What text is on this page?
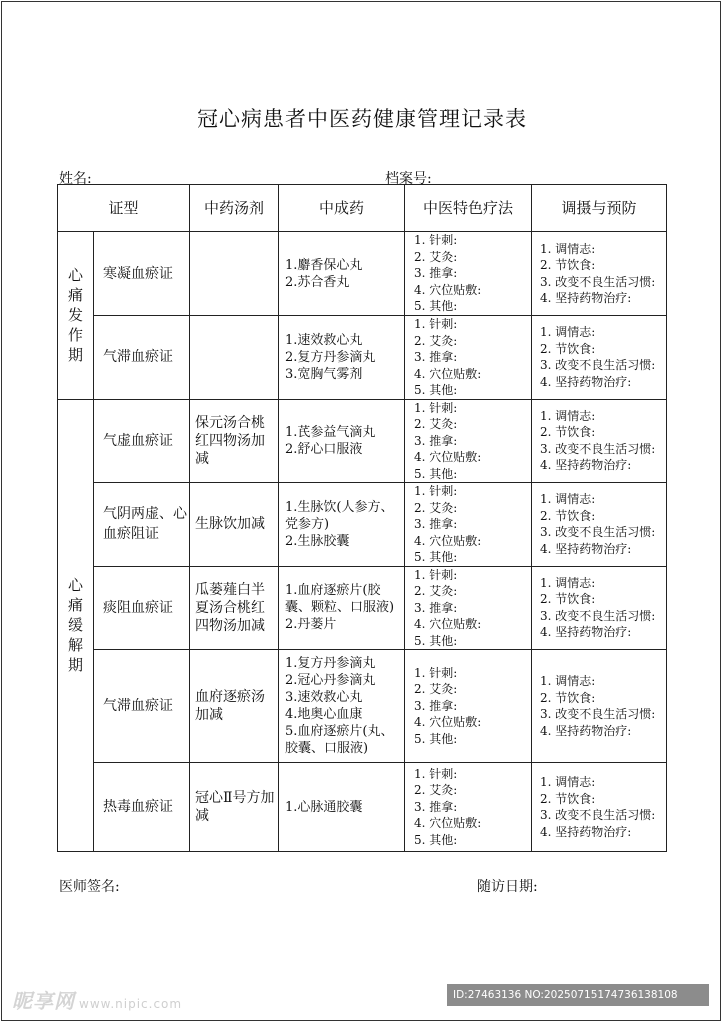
冠心病患者中医药健康管理记录表
姓名:	档案号:
证型		中药汤剂	中成药	中医特色疗法	调摄与预防
心痛发作期	寒凝血瘀证		1.麝香保心丸
2.苏合香丸	1. 针刺:
2. 艾灸:
3. 推拿:
4. 穴位贴敷:
5. 其他:	1. 调情志:
2. 节饮食:
3. 改变不良生活习惯:
4. 坚持药物治疗:

	气滞血瘀证		1.速效救心丸
2.复方丹参滴丸
3.宽胸气雾剂	1. 针刺:
2. 艾灸:
3. 推拿:
4. 穴位贴敷:
5. 其他:	1. 调情志:
2. 节饮食:
3. 改变不良生活习惯:
4. 坚持药物治疗:

心痛缓解期	气虚血瘀证	保元汤合桃红四物汤加减	1.芪参益气滴丸
2.舒心口服液	1. 针刺:
2. 艾灸:
3. 推拿:
4. 穴位贴敷:
5. 其他:	1. 调情志:
2. 节饮食:
3. 改变不良生活习惯:
4. 坚持药物治疗:

	气阴两虚、心血瘀阻证	生脉饮加减	1.生脉饮(人参方、党参方)
2.生脉胶囊	1. 针刺:
2. 艾灸:
3. 推拿:
4. 穴位贴敷:
5. 其他:	1. 调情志:
2. 节饮食:
3. 改变不良生活习惯:
4. 坚持药物治疗:

	痰阻血瘀证	瓜蒌薤白半夏汤合桃红四物汤加减	1.血府逐瘀片(胶囊、颗粒、口服液)
2.丹蒌片	1. 针刺:
2. 艾灸:
3. 推拿:
4. 穴位贴敷:
5. 其他:	1. 调情志:
2. 节饮食:
3. 改变不良生活习惯:
4. 坚持药物治疗:

	气滞血瘀证	血府逐瘀汤加减	1.复方丹参滴丸
2.冠心丹参滴丸
3.速效救心丸
4.地奥心血康
5.血府逐瘀片(丸、胶囊、口服液)	1. 针刺:
2. 艾灸:
3. 推拿:
4. 穴位贴敷:
5. 其他:	1. 调情志:
2. 节饮食:
3. 改变不良生活习惯:
4. 坚持药物治疗:

	热毒血瘀证	冠心Ⅱ号方加减	1.心脉通胶囊	1. 针刺:
2. 艾灸:
3. 推拿:
4. 穴位贴敷:
5. 其他:	1. 调情志:
2. 节饮食:
3. 改变不良生活习惯:
4. 坚持药物治疗:
医师签名:	随访日期:
昵享网 www.nipic.com
ID:27463136 NO:20250715174736138108
